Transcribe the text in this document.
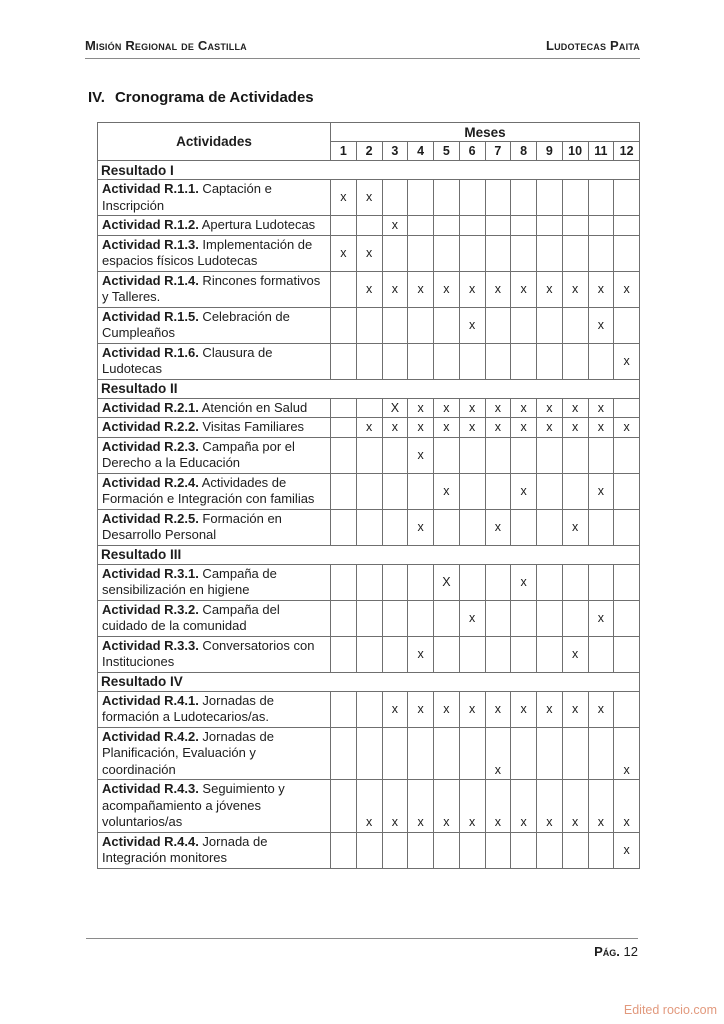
Misión Regional de Castilla	Ludotecas Paita
IV. Cronograma de Actividades
Actividades	Meses											
	1	2	3	4	5	6	7	8	9	10	11	12
Resultado I												
Actividad R.1.1. Captación e Inscripción	x	x										
Actividad R.1.2. Apertura Ludotecas			x									
Actividad R.1.3. Implementación de espacios físicos Ludotecas	x	x										
Actividad R.1.4. Rincones formativos y Talleres.		x	x	x	x	x	x	x	x	x	x	x
Actividad R.1.5. Celebración de Cumpleaños						x					x	
Actividad R.1.6. Clausura de Ludotecas												x
Resultado II												
Actividad R.2.1. Atención en Salud			X	x	x	x	x	x	x	x	x	
Actividad R.2.2. Visitas Familiares		x	x	x	x	x	x	x	x	x	x	x
Actividad R.2.3. Campaña por el Derecho a la Educación				x								
Actividad R.2.4. Actividades de Formación e Integración con familias					x			x			x	
Actividad R.2.5. Formación en Desarrollo Personal				x			x			x		
Resultado III												
Actividad R.3.1. Campaña de sensibilización en higiene					X			x				
Actividad R.3.2. Campaña del cuidado de la comunidad						x					x	
Actividad R.3.3. Conversatorios con Instituciones				x						x		
Resultado IV												
Actividad R.4.1. Jornadas de formación a Ludotecarios/as.			x	x	x	x	x	x	x	x	x	
Actividad R.4.2. Jornadas de Planificación, Evaluación y coordinación							x					x
Actividad R.4.3. Seguimiento y acompañamiento a jóvenes voluntarios/as		x	x	x	x	x	x	x	x	x	x	x
Actividad R.4.4. Jornada de Integración monitores												x
Pág. 12
Edited rocio.com
